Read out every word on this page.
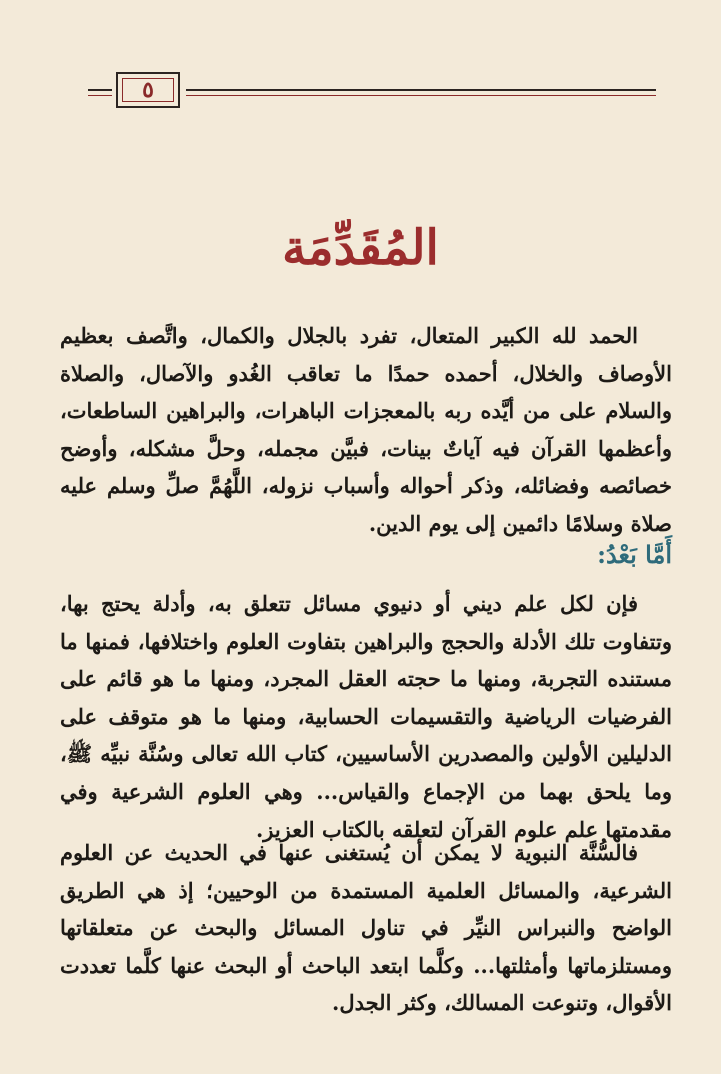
٥
المُقَدِّمَة

الحمد لله الكبير المتعال، تفرد بالجلال والكمال، واتَّصف بعظيم الأوصاف والخلال، أحمده حمدًا ما تعاقب الغُدو والآصال، والصلاة والسلام على من أيَّده ربه بالمعجزات الباهرات، والبراهين الساطعات، وأعظمها القرآن فيه آياتٌ بينات، فبيَّن مجمله، وحلَّ مشكله، وأوضح خصائصه وفضائله، وذكر أحواله وأسباب نزوله، اللَّهُمَّ صلِّ وسلم عليه صلاة وسلامًا دائمين إلى يوم الدين.

أَمَّا بَعْدُ:

فإن لكل علم ديني أو دنيوي مسائل تتعلق به، وأدلة يحتج بها، وتتفاوت تلك الأدلة والحجج والبراهين بتفاوت العلوم واختلافها، فمنها ما مستنده التجربة، ومنها ما حجته العقل المجرد، ومنها ما هو قائم على الفرضيات الرياضية والتقسيمات الحسابية، ومنها ما هو متوقف على الدليلين الأولين والمصدرين الأساسيين، كتاب الله تعالى وسُنَّة نبيِّه ﷺ، وما يلحق بهما من الإجماع والقياس... وهي العلوم الشرعية وفي مقدمتها علم علوم القرآن لتعلقه بالكتاب العزيز.

فالسُّنَّة النبوية لا يمكن أن يُستغنى عنها في الحديث عن العلوم الشرعية، والمسائل العلمية المستمدة من الوحيين؛ إذ هي الطريق الواضح والنبراس النيِّر في تناول المسائل والبحث عن متعلقاتها ومستلزماتها وأمثلتها... وكلَّما ابتعد الباحث أو البحث عنها كلَّما تعددت الأقوال، وتنوعت المسالك، وكثر الجدل.
